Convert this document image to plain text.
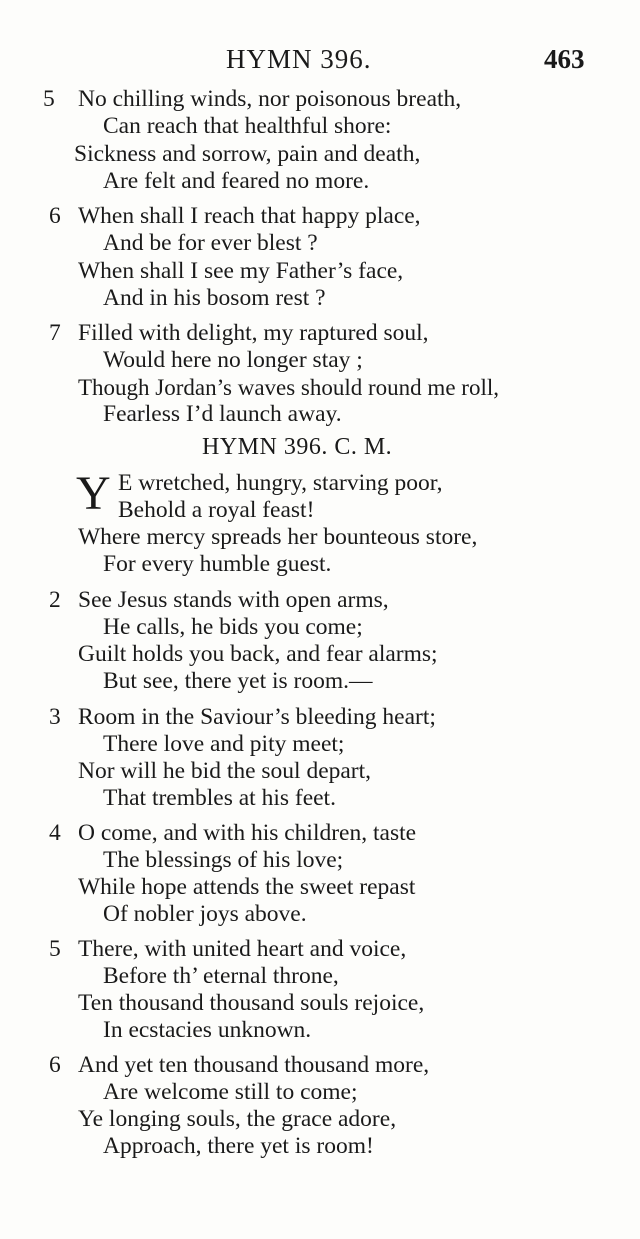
HYMN 396.	463
5 No chilling winds, nor poisonous breath,
Can reach that healthful shore:
Sickness and sorrow, pain and death,
Are felt and feared no more.
6 When shall I reach that happy place,
And be for ever blest ?
When shall I see my Father’s face,
And in his bosom rest ?
7 Filled with delight, my raptured soul,
Would here no longer stay ;
Though Jordan’s waves should round me roll,
Fearless I’d launch away.
HYMN 396. C. M.
Y E wretched, hungry, starving poor,
Behold a royal feast!
Where mercy spreads her bounteous store,
For every humble guest.
2 See Jesus stands with open arms,
He calls, he bids you come;
Guilt holds you back, and fear alarms;
But see, there yet is room.—
3 Room in the Saviour’s bleeding heart;
There love and pity meet;
Nor will he bid the soul depart,
That trembles at his feet.
4 O come, and with his children, taste
The blessings of his love;
While hope attends the sweet repast
Of nobler joys above.
5 There, with united heart and voice,
Before th’ eternal throne,
Ten thousand thousand souls rejoice,
In ecstacies unknown.
6 And yet ten thousand thousand more,
Are welcome still to come;
Ye longing souls, the grace adore,
Approach, there yet is room!
